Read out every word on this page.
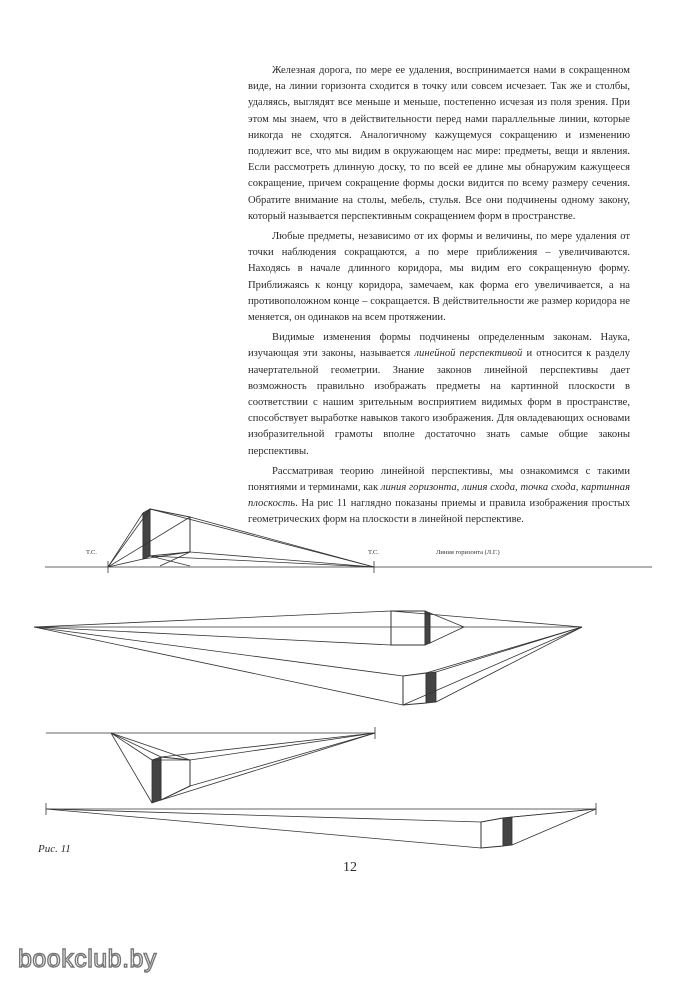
Железная дорога, по мере ее удаления, воспринимается нами в сокращенном виде, на линии горизонта сходится в точку или совсем исчезает. Так же и столбы, удаляясь, выглядят все меньше и меньше, постепенно исчезая из поля зрения. При этом мы знаем, что в действительности перед нами параллельные линии, которые никогда не сходятся. Аналогичному кажущемуся сокращению и изменению подлежит все, что мы видим в окружающем нас мире: предметы, вещи и явления. Если рассмотреть длинную доску, то по всей ее длине мы обнаружим кажущееся сокращение, причем сокращение формы доски видится по всему размеру сечения. Обратите внимание на столы, мебель, стулья. Все они подчинены одному закону, который называется перспективным сокращением форм в пространстве.

Любые предметы, независимо от их формы и величины, по мере удаления от точки наблюдения сокращаются, а по мере приближения – увеличиваются. Находясь в начале длинного коридора, мы видим его сокращенную форму. Приближаясь к концу коридора, замечаем, как форма его увеличивается, а на противоположном конце – сокращается. В действительности же размер коридора не меняется, он одинаков на всем протяжении.

Видимые изменения формы подчинены определенным законам. Наука, изучающая эти законы, называется линейной перспективой и относится к разделу начертательной геометрии. Знание законов линейной перспективы дает возможность правильно изображать предметы на картинной плоскости в соответствии с нашим зрительным восприятием видимых форм в пространстве, способствует выработке навыков такого изображения. Для овладевающих основами изобразительной грамоты вполне достаточно знать самые общие законы перспективы.

Рассматривая теорию линейной перспективы, мы ознакомимся с такими понятиями и терминами, как линия горизонта, линия схода, точка схода, картинная плоскость. На рис 11 наглядно показаны приемы и правила изображения простых геометрических форм на плоскости в линейной перспективе.

Т.С.	Т.С.	Линия горизонта (Л.Г.)
Рис. 11
12
bookclub.by
